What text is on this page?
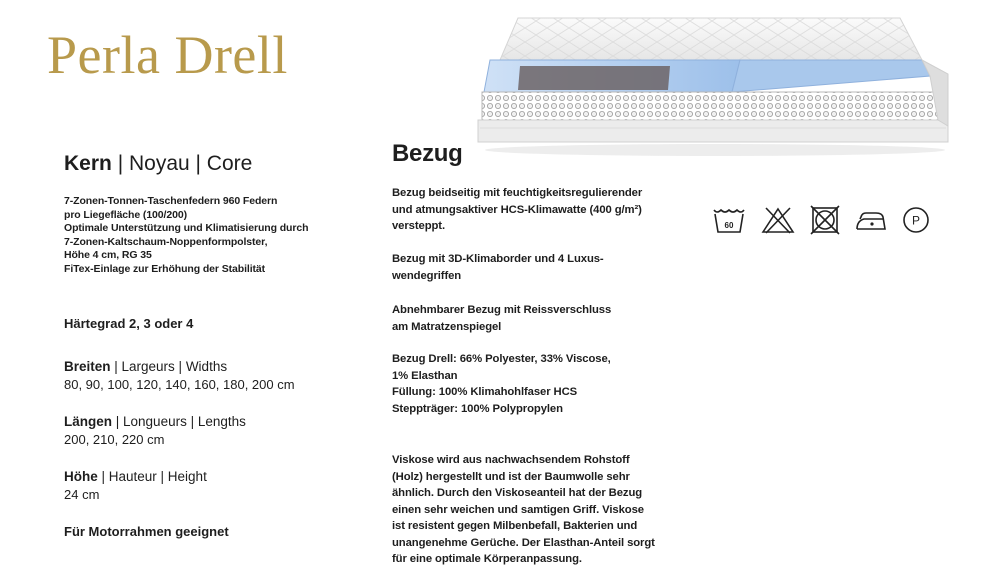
Perla Drell
Kern | Noyau | Core
7-Zonen-Tonnen-Taschenfedern 960 Federn
pro Liegefläche (100/200)
Optimale Unterstützung und Klimatisierung durch
7-Zonen-Kaltschaum-Noppenformpolster,
Höhe 4 cm, RG 35
FiTex-Einlage zur Erhöhung der Stabilität
Härtegrad 2, 3 oder 4
Breiten | Largeurs | Widths
80, 90, 100, 120, 140, 160, 180, 200 cm
Längen | Longueurs | Lengths
200, 210, 220 cm
Höhe | Hauteur | Height
24 cm
Für Motorrahmen geeignet
Bezug
Bezug beidseitig mit feuchtigkeitsregulierender
und atmungsaktiver HCS-Klimawatte (400 g/m²)
versteppt.
Bezug mit 3D-Klimaborder und 4 Luxus-
wendegriffen
Abnehmbarer Bezug mit Reissverschluss
am Matratzenspiegel
Bezug Drell: 66% Polyester, 33% Viscose,
1% Elasthan
Füllung: 100% Klimahohlfaser HCS
Steppträger: 100% Polypropylen
Viskose wird aus nachwachsendem Rohstoff
(Holz) hergestellt und ist der Baumwolle sehr
ähnlich. Durch den Viskoseanteil hat der Bezug
einen sehr weichen und samtigen Griff. Viskose
ist resistent gegen Milbenbefall, Bakterien und
unangenehme Gerüche. Der Elasthan-Anteil sorgt
für eine optimale Körperanpassung.
60	P
